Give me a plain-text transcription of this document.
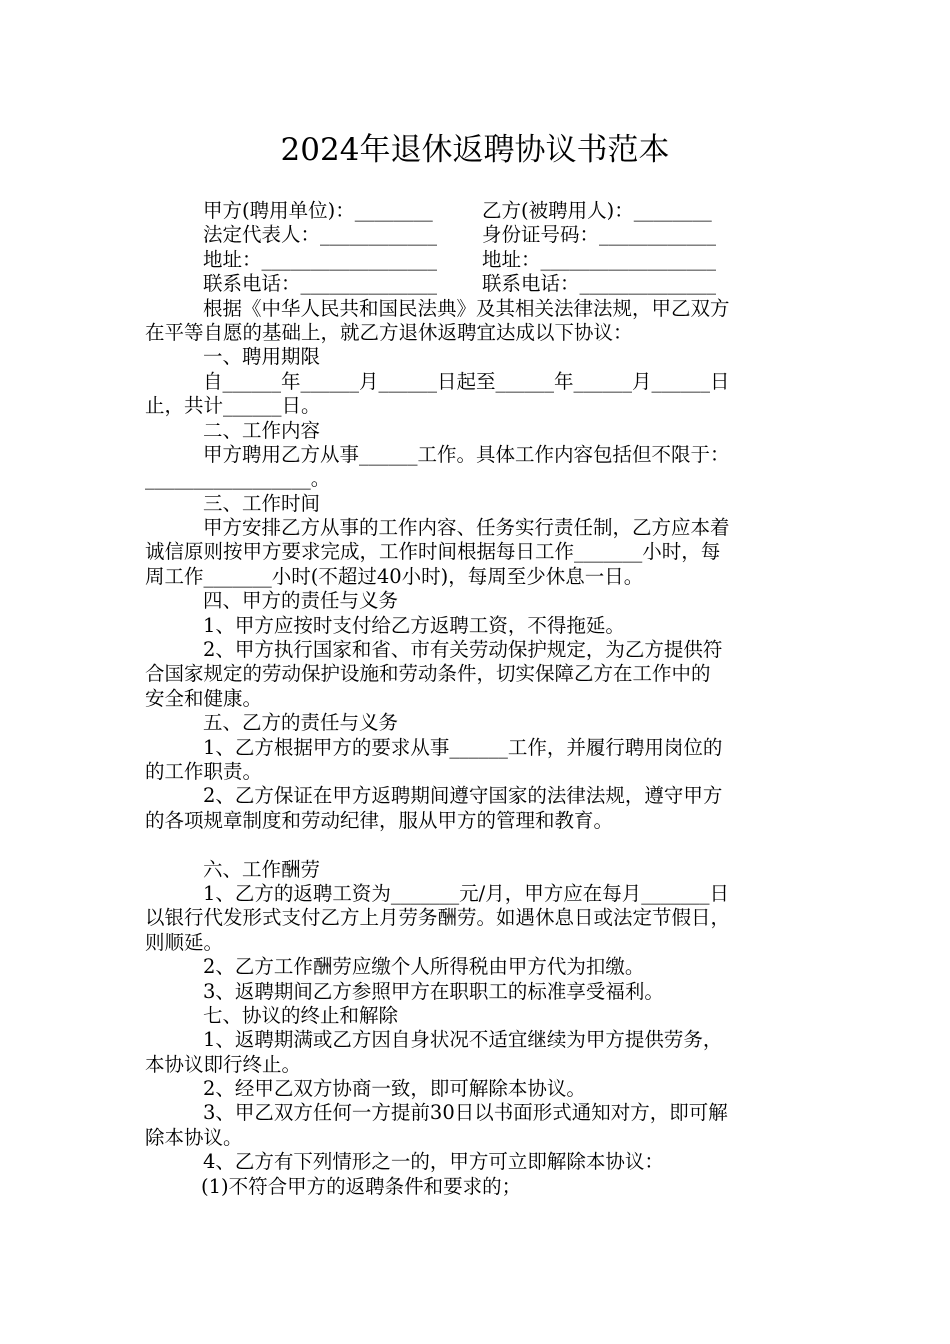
2024年退休返聘协议书范本
甲方(聘用单位)：________	乙方(被聘用人)：________
法定代表人：____________	身份证号码：____________
地址：__________________	地址：__________________
联系电话：______________	联系电话：______________
根据《中华人民共和国民法典》及其相关法律法规，甲乙双方
在平等自愿的基础上，就乙方退休返聘宜达成以下协议：
一、聘用期限
自______年______月______日起至______年______月______日
止，共计______日。
二、工作内容
甲方聘用乙方从事______工作。具体工作内容包括但不限于：
_________________。
三、工作时间
甲方安排乙方从事的工作内容、任务实行责任制，乙方应本着
诚信原则按甲方要求完成，工作时间根据每日工作_______小时，每
周工作_______小时(不超过40小时)，每周至少休息一日。
四、甲方的责任与义务
1、甲方应按时支付给乙方返聘工资，不得拖延。
2、甲方执行国家和省、市有关劳动保护规定，为乙方提供符
合国家规定的劳动保护设施和劳动条件，切实保障乙方在工作中的
安全和健康。
五、乙方的责任与义务
1、乙方根据甲方的要求从事______工作，并履行聘用岗位的
的工作职责。
2、乙方保证在甲方返聘期间遵守国家的法律法规，遵守甲方
的各项规章制度和劳动纪律，服从甲方的管理和教育。
六、工作酬劳
1、乙方的返聘工资为_______元/月，甲方应在每月_______日
以银行代发形式支付乙方上月劳务酬劳。如遇休息日或法定节假日，
则顺延。
2、乙方工作酬劳应缴个人所得税由甲方代为扣缴。
3、返聘期间乙方参照甲方在职职工的标准享受福利。
七、协议的终止和解除
1、返聘期满或乙方因自身状况不适宜继续为甲方提供劳务，
本协议即行终止。
2、经甲乙双方协商一致，即可解除本协议。
3、甲乙双方任何一方提前30日以书面形式通知对方，即可解
除本协议。
4、乙方有下列情形之一的，甲方可立即解除本协议：
(1)不符合甲方的返聘条件和要求的；
